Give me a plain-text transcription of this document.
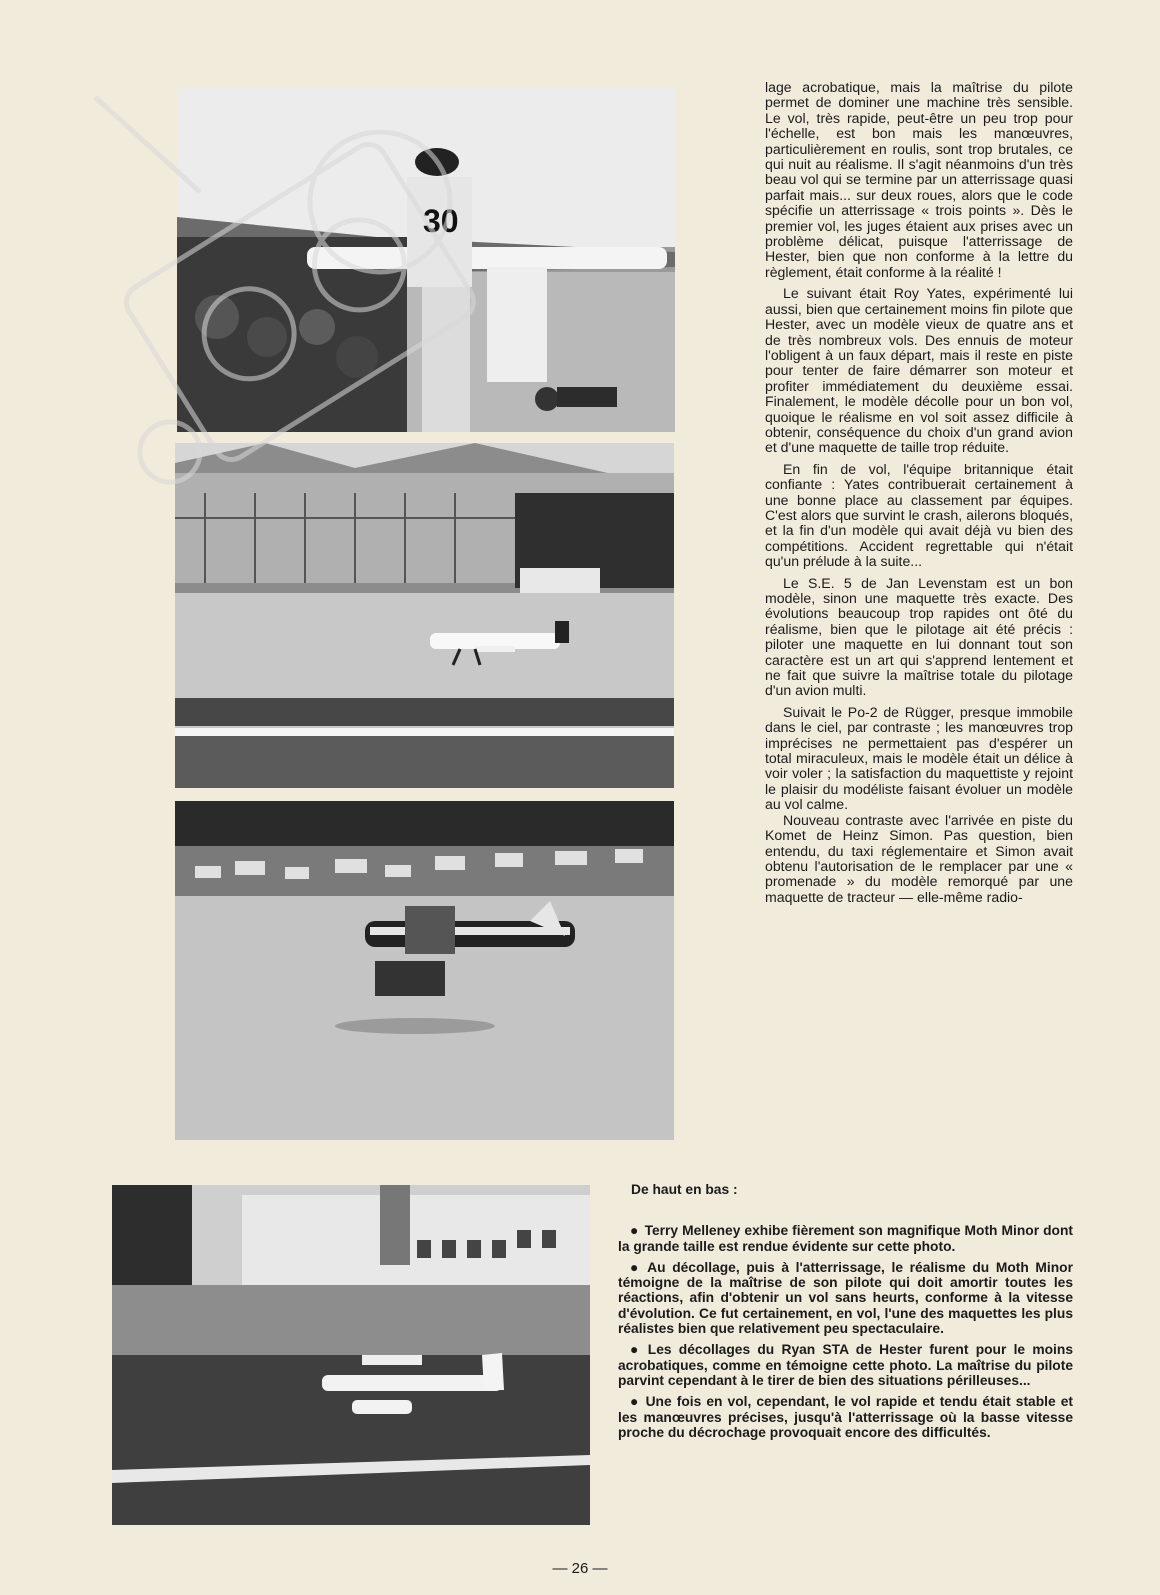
30

lage acrobatique, mais la maîtrise du pilote permet de dominer une machine très sensible. Le vol, très rapide, peut-être un peu trop pour l'échelle, est bon mais les manœuvres, particulièrement en roulis, sont trop brutales, ce qui nuit au réalisme. Il s'agit néanmoins d'un très beau vol qui se termine par un atterrissage quasi parfait mais... sur deux roues, alors que le code spécifie un atterrissage « trois points ». Dès le premier vol, les juges étaient aux prises avec un problème délicat, puisque l'atterrissage de Hester, bien que non conforme à la lettre du règlement, était conforme à la réalité !

Le suivant était Roy Yates, expérimenté lui aussi, bien que certainement moins fin pilote que Hester, avec un modèle vieux de quatre ans et de très nombreux vols. Des ennuis de moteur l'obligent à un faux départ, mais il reste en piste pour tenter de faire démarrer son moteur et profiter immédiatement du deuxième essai. Finalement, le modèle décolle pour un bon vol, quoique le réalisme en vol soit assez difficile à obtenir, conséquence du choix d'un grand avion et d'une maquette de taille trop réduite.

En fin de vol, l'équipe britannique était confiante : Yates contribuerait certainement à une bonne place au classement par équipes. C'est alors que survint le crash, ailerons bloqués, et la fin d'un modèle qui avait déjà vu bien des compétitions. Accident regrettable qui n'était qu'un prélude à la suite...

Le S.E. 5 de Jan Levenstam est un bon modèle, sinon une maquette très exacte. Des évolutions beaucoup trop rapides ont ôté du réalisme, bien que le pilotage ait été précis : piloter une maquette en lui donnant tout son caractère est un art qui s'apprend lentement et ne fait que suivre la maîtrise totale du pilotage d'un avion multi.

Suivait le Po-2 de Rügger, presque immobile dans le ciel, par contraste ; les manœuvres trop imprécises ne permettaient pas d'espérer un total miraculeux, mais le modèle était un délice à voir voler ; la satisfaction du maquettiste y rejoint le plaisir du modéliste faisant évoluer un modèle au vol calme.

Nouveau contraste avec l'arrivée en piste du Komet de Heinz Simon. Pas question, bien entendu, du taxi réglementaire et Simon avait obtenu l'autorisation de le remplacer par une « promenade » du modèle remorqué par une maquette de tracteur — elle-même radio-

De haut en bas :

● Terry Melleney exhibe fièrement son magnifique Moth Minor dont la grande taille est rendue évidente sur cette photo.

● Au décollage, puis à l'atterrissage, le réalisme du Moth Minor témoigne de la maîtrise de son pilote qui doit amortir toutes les réactions, afin d'obtenir un vol sans heurts, conforme à la vitesse d'évolution. Ce fut certainement, en vol, l'une des maquettes les plus réalistes bien que relativement peu spectaculaire.

● Les décollages du Ryan STA de Hester furent pour le moins acrobatiques, comme en témoigne cette photo. La maîtrise du pilote parvint cependant à le tirer de bien des situations périlleuses...

● Une fois en vol, cependant, le vol rapide et tendu était stable et les manœuvres précises, jusqu'à l'atterrissage où la basse vitesse proche du décrochage provoquait encore des difficultés.

— 26 —
